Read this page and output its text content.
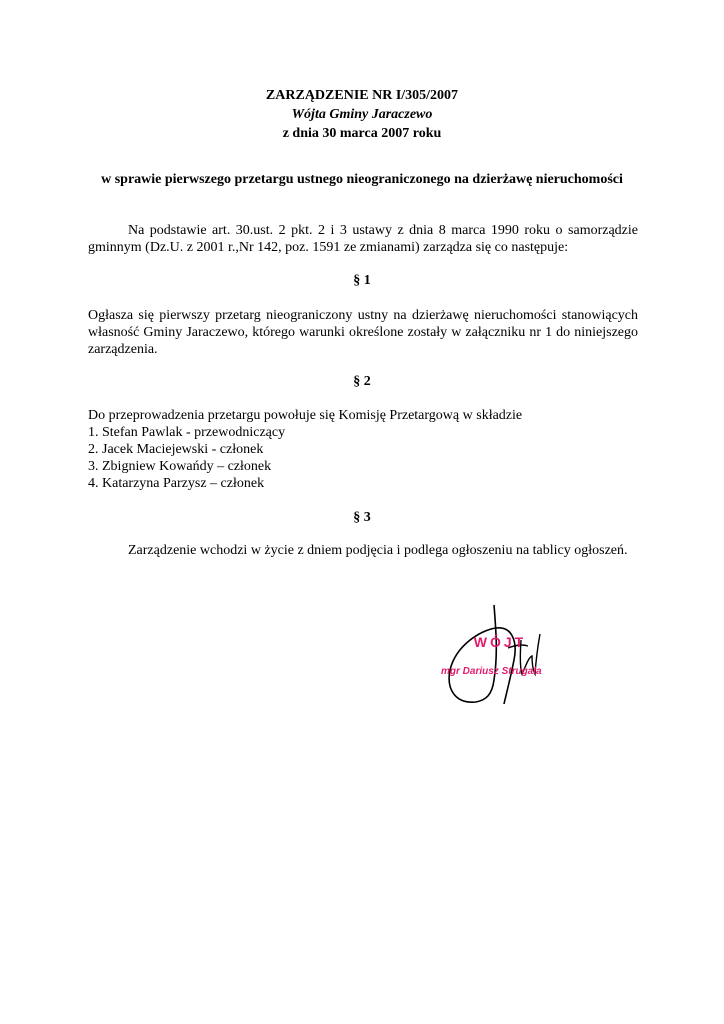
ZARZĄDZENIE NR I/305/2007
Wójta Gminy Jaraczewo
z dnia 30 marca 2007 roku
w sprawie pierwszego przetargu ustnego nieograniczonego na dzierżawę nieruchomości
Na podstawie art. 30.ust. 2 pkt. 2 i 3 ustawy z dnia 8 marca 1990 roku o samorządzie gminnym (Dz.U. z 2001 r.,Nr 142, poz. 1591 ze zmianami) zarządza się co następuje:
§ 1
Ogłasza się pierwszy przetarg nieograniczony ustny na dzierżawę nieruchomości stanowiących własność Gminy Jaraczewo, którego warunki określone zostały w załączniku nr 1 do niniejszego zarządzenia.
§ 2
Do przeprowadzenia przetargu powołuje się Komisję Przetargową w składzie
1. Stefan Pawlak - przewodniczący
2. Jacek Maciejewski - członek
3. Zbigniew Kowańdy – członek
4. Katarzyna Parzysz – członek
§ 3
Zarządzenie wchodzi w życie z dniem podjęcia i podlega ogłoszeniu na tablicy ogłoszeń.
WÓJT
mgr Dariusz Strugała
